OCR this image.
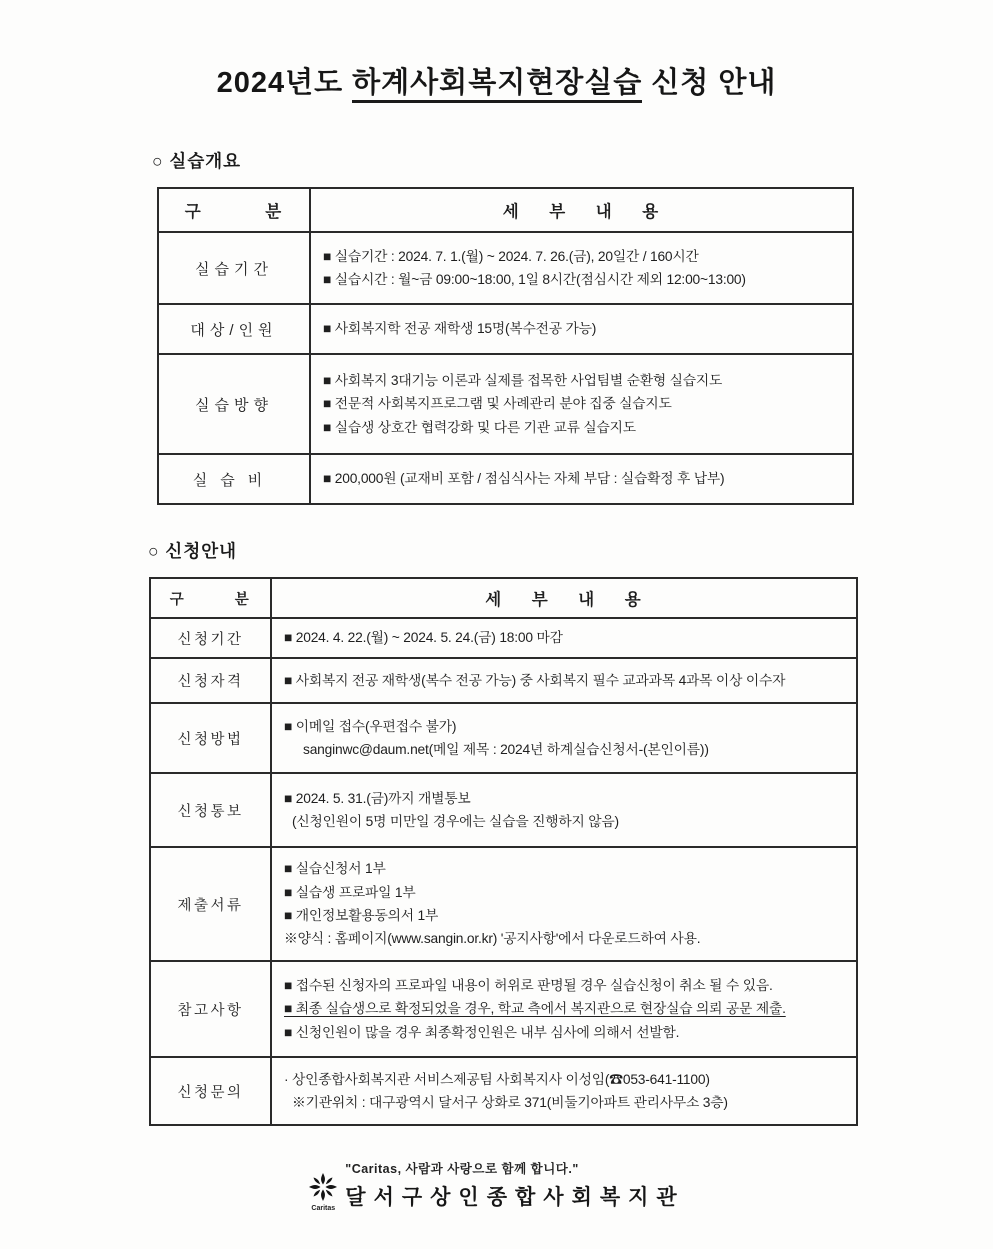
2024년도 하계사회복지현장실습 신청 안내
○ 실습개요
구 분	세 부 내 용
실습기간	■ 실습기간 : 2024. 7. 1.(월) ~ 2024. 7. 26.(금), 20일간 / 160시간
■ 실습시간 : 월~금 09:00~18:00, 1일 8시간(점심시간 제외 12:00~13:00)

대상/인원	■ 사회복지학 전공 재학생 15명(복수전공 가능)

실습방향	■ 사회복지 3대기능 이론과 실제를 접목한 사업팀별 순환형 실습지도
■ 전문적 사회복지프로그램 및 사례관리 분야 집중 실습지도
■ 실습생 상호간 협력강화 및 다른 기관 교류 실습지도

실습비	■ 200,000원 (교재비 포함 / 점심식사는 자체 부담 : 실습확정 후 납부)
○ 신청안내
구 분	세 부 내 용
신청기간	■ 2024. 4. 22.(월) ~ 2024. 5. 24.(금) 18:00 마감

신청자격	■ 사회복지 전공 재학생(복수 전공 가능) 중 사회복지 필수 교과과목 4과목 이상 이수자

신청방법	■ 이메일 접수(우편접수 불가)
sanginwc@daum.net(메일 제목 : 2024년 하계실습신청서-(본인이름))

신청통보	■ 2024. 5. 31.(금)까지 개별통보
(신청인원이 5명 미만일 경우에는 실습을 진행하지 않음)

제출서류	■ 실습신청서 1부
■ 실습생 프로파일 1부
■ 개인정보활용동의서 1부
※양식 : 홈페이지(www.sangin.or.kr) '공지사항'에서 다운로드하여 사용.

참고사항	■ 접수된 신청자의 프로파일 내용이 허위로 판명될 경우 실습신청이 취소 될 수 있음.
■ 최종 실습생으로 확정되었을 경우, 학교 측에서 복지관으로 현장실습 의뢰 공문 제출.
■ 신청인원이 많을 경우 최종확정인원은 내부 심사에 의해서 선발함.

신청문의	· 상인종합사회복지관 서비스제공팀 사회복지사 이성임(☎053-641-1100)
※기관위치 : 대구광역시 달서구 상화로 371(비둘기아파트 관리사무소 3층)
Caritas
"Caritas, 사람과 사랑으로 함께 합니다."
달서구상인종합사회복지관
